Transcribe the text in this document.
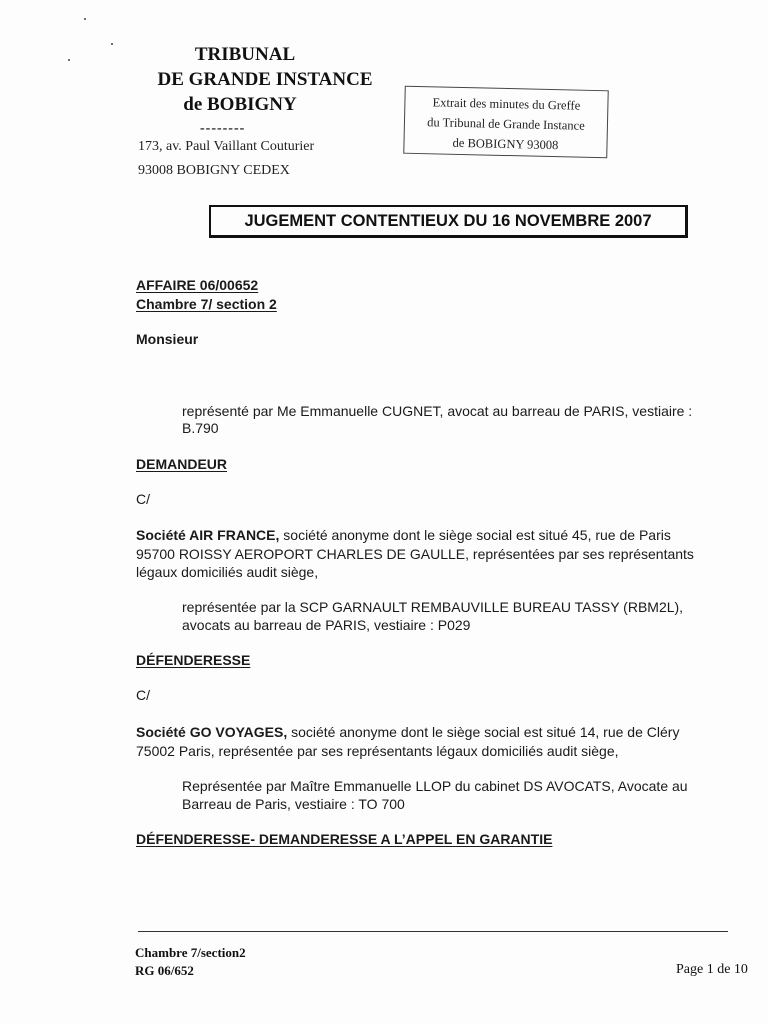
TRIBUNAL
DE GRANDE INSTANCE
de BOBIGNY
--------
173, av. Paul Vaillant Couturier
93008 BOBIGNY CEDEX
Extrait des minutes du Greffe
du Tribunal de Grande Instance
de BOBIGNY 93008
JUGEMENT CONTENTIEUX DU 16 NOVEMBRE 2007
AFFAIRE 06/00652
Chambre 7/ section 2
Monsieur
représenté par Me Emmanuelle CUGNET, avocat au barreau de PARIS, vestiaire :
B.790
DEMANDEUR
C/
Société AIR FRANCE, société anonyme dont le siège social est situé 45, rue de Paris
95700 ROISSY AEROPORT CHARLES DE GAULLE, représentées par ses représentants
légaux domiciliés audit siège,
représentée par la SCP GARNAULT REMBAUVILLE BUREAU TASSY (RBM2L),
avocats au barreau de PARIS, vestiaire : P029
DÉFENDERESSE
C/
Société GO VOYAGES, société anonyme dont le siège social est situé 14, rue de Cléry
75002 Paris, représentée par ses représentants légaux domiciliés audit siège,
Représentée par Maître Emmanuelle LLOP du cabinet DS AVOCATS, Avocate au
Barreau de Paris, vestiaire : TO 700
DÉFENDERESSE- DEMANDERESSE A L’APPEL EN GARANTIE
Chambre 7/section2
RG 06/652	Page 1 de 10
